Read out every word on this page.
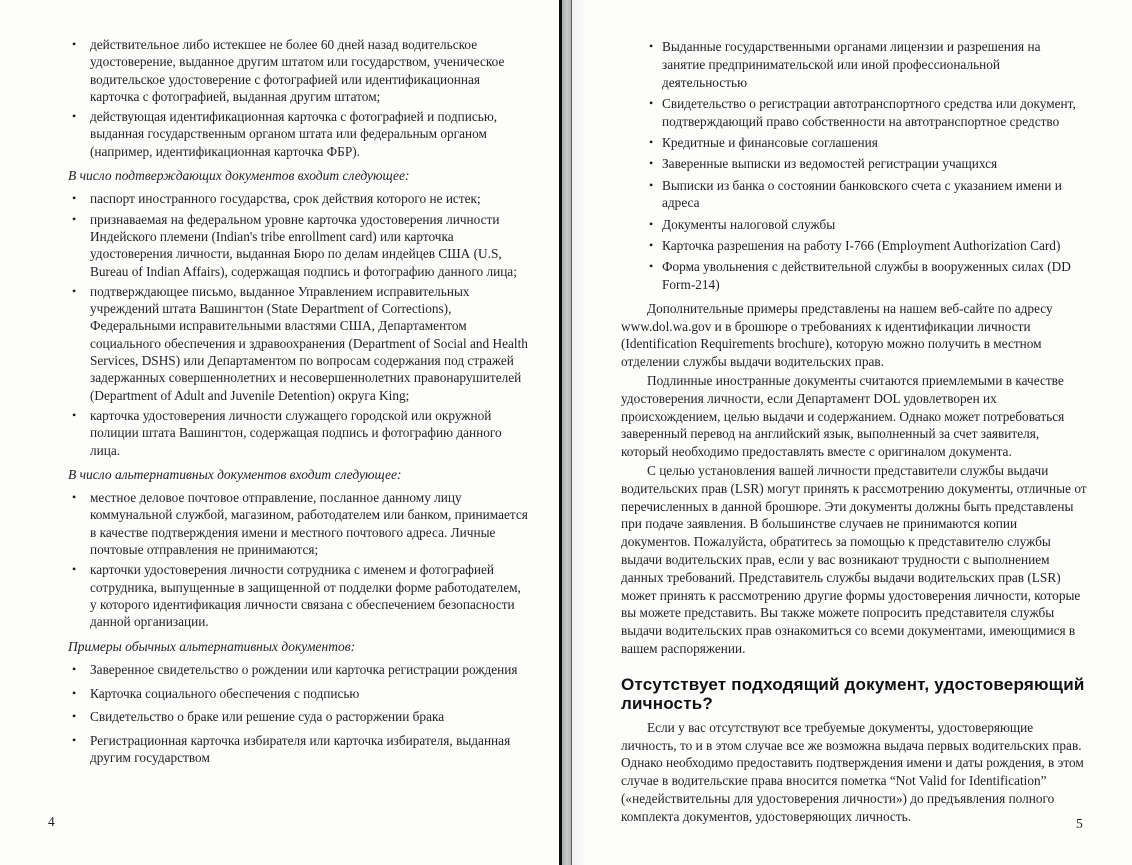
• действительное либо истекшее не более 60 дней назад водительское удостоверение, выданное другим штатом или государством, ученическое водительское удостоверение с фотографией или идентификационная карточка с фотографией, выданная другим штатом;
• действующая идентификационная карточка с фотографией и подписью, выданная государственным органом штата или федеральным органом (например, идентификационная карточка ФБР).
В число подтверждающих документов входит следующее:
• паспорт иностранного государства, срок действия которого не истек;
• признаваемая на федеральном уровне карточка удостоверения личности Индейского племени (Indian's tribe enrollment card) или карточка удостоверения личности, выданная Бюро по делам индейцев США (U.S, Bureau of Indian Affairs), содержащая подпись и фотографию данного лица;
• подтверждающее письмо, выданное Управлением исправительных учреждений штата Вашингтон (State Department of Corrections), Федеральными исправительными властями США, Департаментом социального обеспечения и здравоохранения (Department of Social and Health Services, DSHS) или Департаментом по вопросам содержания под стражей задержанных совершеннолетних и несовершеннолетних правонарушителей (Department of Adult and Juvenile Detention) округа King;
• карточка удостоверения личности служащего городской или окружной полиции штата Вашингтон, содержащая подпись и фотографию данного лица.
В число альтернативных документов входит следующее:
• местное деловое почтовое отправление, посланное данному лицу коммунальной службой, магазином, работодателем или банком, принимается в качестве подтверждения имени и местного почтового адреса. Личные почтовые отправления не принимаются;
• карточки удостоверения личности сотрудника с именем и фотографией сотрудника, выпущенные в защищенной от подделки форме работодателем, у которого идентификация личности связана с обеспечением безопасности данной организации.
Примеры обычных альтернативных документов:
• Заверенное свидетельство о рождении или карточка регистрации рождения
• Карточка социального обеспечения с подписью
• Свидетельство о браке или решение суда о расторжении брака
• Регистрационная карточка избирателя или карточка избирателя, выданная другим государством
4
• Выданные государственными органами лицензии и разрешения на занятие предпринимательской или иной профессиональной деятельностью
• Свидетельство о регистрации автотранспортного средства или документ, подтверждающий право собственности на автотранспортное средство
• Кредитные и финансовые соглашения
• Заверенные выписки из ведомостей регистрации учащихся
• Выписки из банка о состоянии банковского счета с указанием имени и адреса
• Документы налоговой службы
• Карточка разрешения на работу I-766 (Employment Authorization Card)
• Форма увольнения с действительной службы в вооруженных силах (DD Form-214)

Дополнительные примеры представлены на нашем веб-сайте по адресу www.dol.wa.gov и в брошюре о требованиях к идентификации личности (Identification Requirements brochure), которую можно получить в местном отделении службы выдачи водительских прав.

Подлинные иностранные документы считаются приемлемыми в качестве удостоверения личности, если Департамент DOL удовлетворен их происхождением, целью выдачи и содержанием. Однако может потребоваться заверенный перевод на английский язык, выполненный за счет заявителя, который необходимо предоставлять вместе с оригиналом документа.

С целью установления вашей личности представители службы выдачи водительских прав (LSR) могут принять к рассмотрению документы, отличные от перечисленных в данной брошюре. Эти документы должны быть представлены при подаче заявления. В большинстве случаев не принимаются копии документов. Пожалуйста, обратитесь за помощью к представителю службы выдачи водительских прав, если у вас возникают трудности с выполнением данных требований. Представитель службы выдачи водительских прав (LSR) может принять к рассмотрению другие формы удостоверения личности, которые вы можете представить. Вы также можете попросить представителя службы выдачи водительских прав ознакомиться со всеми документами, имеющимися в вашем распоряжении.

Отсутствует подходящий документ, удостоверяющий личность?

Если у вас отсутствуют все требуемые документы, удостоверяющие личность, то и в этом случае все же возможна выдача первых водительских прав. Однако необходимо предоставить подтверждения имени и даты рождения, в этом случае в водительские права вносится пометка “Not Valid for Identification” («недействительны для удостоверения личности») до предъявления полного комплекта документов, удостоверяющих личность.	5
